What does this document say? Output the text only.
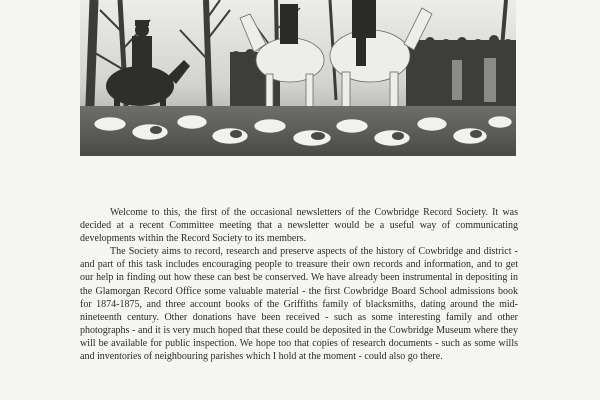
Welcome to this, the first of the occasional newsletters of the Cowbridge Record Society. It was decided at a recent Committee meeting that a newsletter would be a useful way of communicating developments within the Record Society to its members.

The Society aims to record, research and preserve aspects of the history of Cowbridge and district - and part of this task includes encouraging people to treasure their own records and information, and to get our help in finding out how these can best be conserved. We have already been instrumental in depositing in the Glamorgan Record Office some valuable material - the first Cowbridge Board School admissions book for 1874-1875, and three account books of the Griffiths family of blacksmiths, dating around the mid-nineteenth century. Other donations have been received - such as some interesting family and other photographs - and it is very much hoped that these could be deposited in the Cowbridge Museum where they will be available for public inspection. We hope too that copies of research documents - such as some wills and inventories of neighbouring parishes which I hold at the moment - could also go there.
